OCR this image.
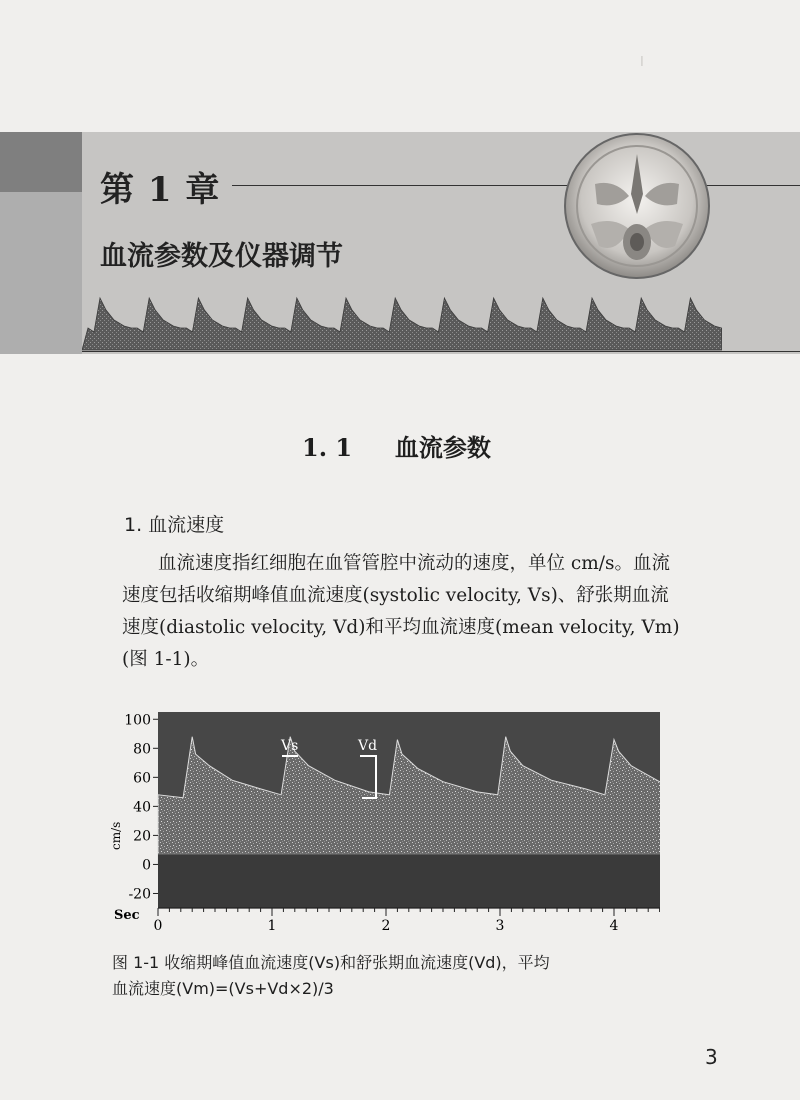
Ⅰ
第 1 章
血流参数及仪器调节
1. 1 血流参数
1. 血流速度
血流速度指红细胞在血管管腔中流动的速度，单位 cm/s。血流
速度包括收缩期峰值血流速度(systolic velocity, Vs)、舒张期血流
速度(diastolic velocity, Vd)和平均血流速度(mean velocity, Vm)
(图 1-1)。
100
80
60
40
20
0
-20
cm/s
Sec
0	1	2	3	4
Vs	Vd
图 1-1 收缩期峰值血流速度(Vs)和舒张期血流速度(Vd)，平均
血流速度(Vm)=(Vs+Vd×2)/3
3
